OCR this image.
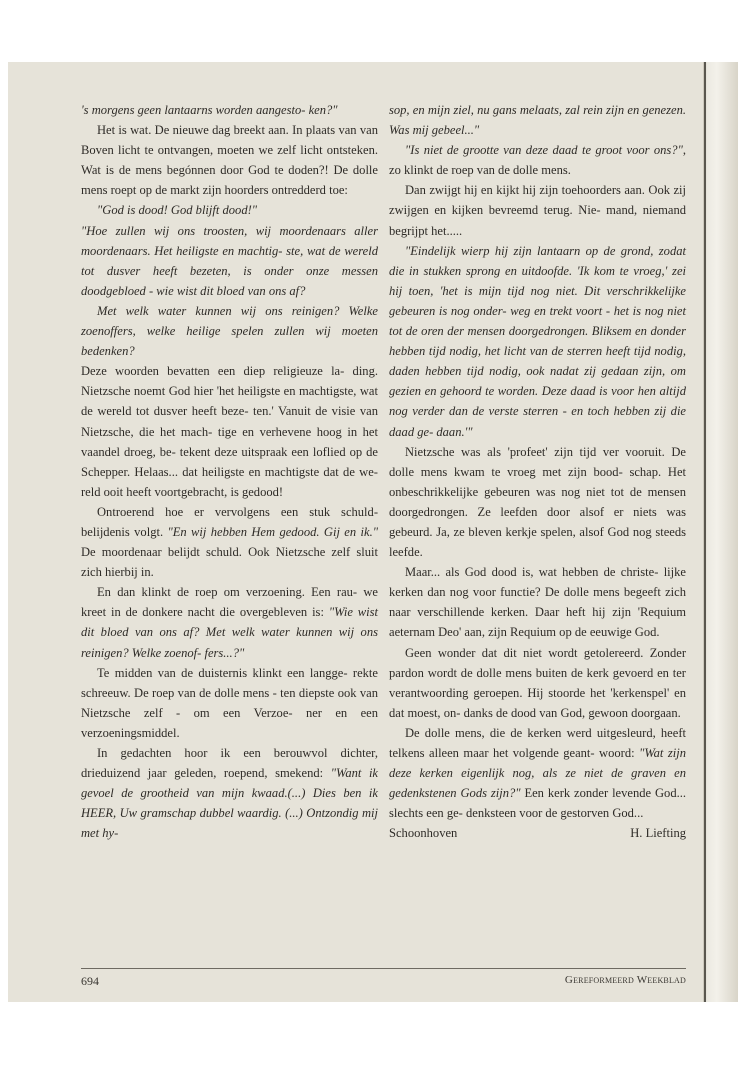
's morgens geen lantaarns worden aangesto- ken?"

Het is wat. De nieuwe dag breekt aan. In plaats van van Boven licht te ontvangen, moeten we zelf licht ontsteken. Wat is de mens begónnen door God te doden?! De dolle mens roept op de markt zijn hoorders ontredderd toe:

"God is dood! God blijft dood!"

"Hoe zullen wij ons troosten, wij moordenaars aller moordenaars. Het heiligste en machtig- ste, wat de wereld tot dusver heeft bezeten, is onder onze messen doodgebloed - wie wist dit bloed van ons af?

Met welk water kunnen wij ons reinigen? Welke zoenoffers, welke heilige spelen zullen wij moeten bedenken?

Deze woorden bevatten een diep religieuze la- ding. Nietzsche noemt God hier 'het heiligste en machtigste, wat de wereld tot dusver heeft beze- ten.' Vanuit de visie van Nietzsche, die het mach- tige en verhevene hoog in het vaandel droeg, be- tekent deze uitspraak een loflied op de Schepper. Helaas... dat heiligste en machtigste dat de we- reld ooit heeft voortgebracht, is gedood!

Ontroerend hoe er vervolgens een stuk schuld- belijdenis volgt. "En wij hebben Hem gedood. Gij en ik." De moordenaar belijdt schuld. Ook Nietzsche zelf sluit zich hierbij in.

En dan klinkt de roep om verzoening. Een rau- we kreet in de donkere nacht die overgebleven is: "Wie wist dit bloed van ons af? Met welk water kunnen wij ons reinigen? Welke zoenof- fers...?"

Te midden van de duisternis klinkt een langge- rekte schreeuw. De roep van de dolle mens - ten diepste ook van Nietzsche zelf - om een Verzoe- ner en een verzoeningsmiddel.

In gedachten hoor ik een berouwvol dichter, drieduizend jaar geleden, roepend, smekend: "Want ik gevoel de grootheid van mijn kwaad.(...) Dies ben ik HEER, Uw gramschap dubbel waardig. (...) Ontzondig mij met hy-

sop, en mijn ziel, nu gans melaats, zal rein zijn en genezen. Was mij gebeel..."

"Is niet de grootte van deze daad te groot voor ons?", zo klinkt de roep van de dolle mens.

Dan zwijgt hij en kijkt hij zijn toehoorders aan. Ook zij zwijgen en kijken bevreemd terug. Nie- mand, niemand begrijpt het.....

"Eindelijk wierp hij zijn lantaarn op de grond, zodat die in stukken sprong en uitdoofde. 'Ik kom te vroeg,' zei hij toen, 'het is mijn tijd nog niet. Dit verschrikkelijke gebeuren is nog onder- weg en trekt voort - het is nog niet tot de oren der mensen doorgedrongen. Bliksem en donder hebben tijd nodig, het licht van de sterren heeft tijd nodig, daden hebben tijd nodig, ook nadat zij gedaan zijn, om gezien en gehoord te worden. Deze daad is voor hen altijd nog verder dan de verste sterren - en toch hebben zij die daad ge- daan.'"

Nietzsche was als 'profeet' zijn tijd ver vooruit. De dolle mens kwam te vroeg met zijn bood- schap. Het onbeschrikkelijke gebeuren was nog niet tot de mensen doorgedrongen. Ze leefden door alsof er niets was gebeurd. Ja, ze bleven kerkje spelen, alsof God nog steeds leefde.

Maar... als God dood is, wat hebben de christe- lijke kerken dan nog voor functie? De dolle mens begeeft zich naar verschillende kerken. Daar heft hij zijn 'Requium aeternam Deo' aan, zijn Requium op de eeuwige God.

Geen wonder dat dit niet wordt getolereerd. Zonder pardon wordt de dolle mens buiten de kerk gevoerd en ter verantwoording geroepen. Hij stoorde het 'kerkenspel' en dat moest, on- danks de dood van God, gewoon doorgaan.

De dolle mens, die de kerken werd uitgesleurd, heeft telkens alleen maar het volgende geant- woord: "Wat zijn deze kerken eigenlijk nog, als ze niet de graven en gedenkstenen Gods zijn?" Een kerk zonder levende God... slechts een ge- denksteen voor de gestorven God...

Schoonhoven	H. Liefting
694	Gereformeerd Weekblad
